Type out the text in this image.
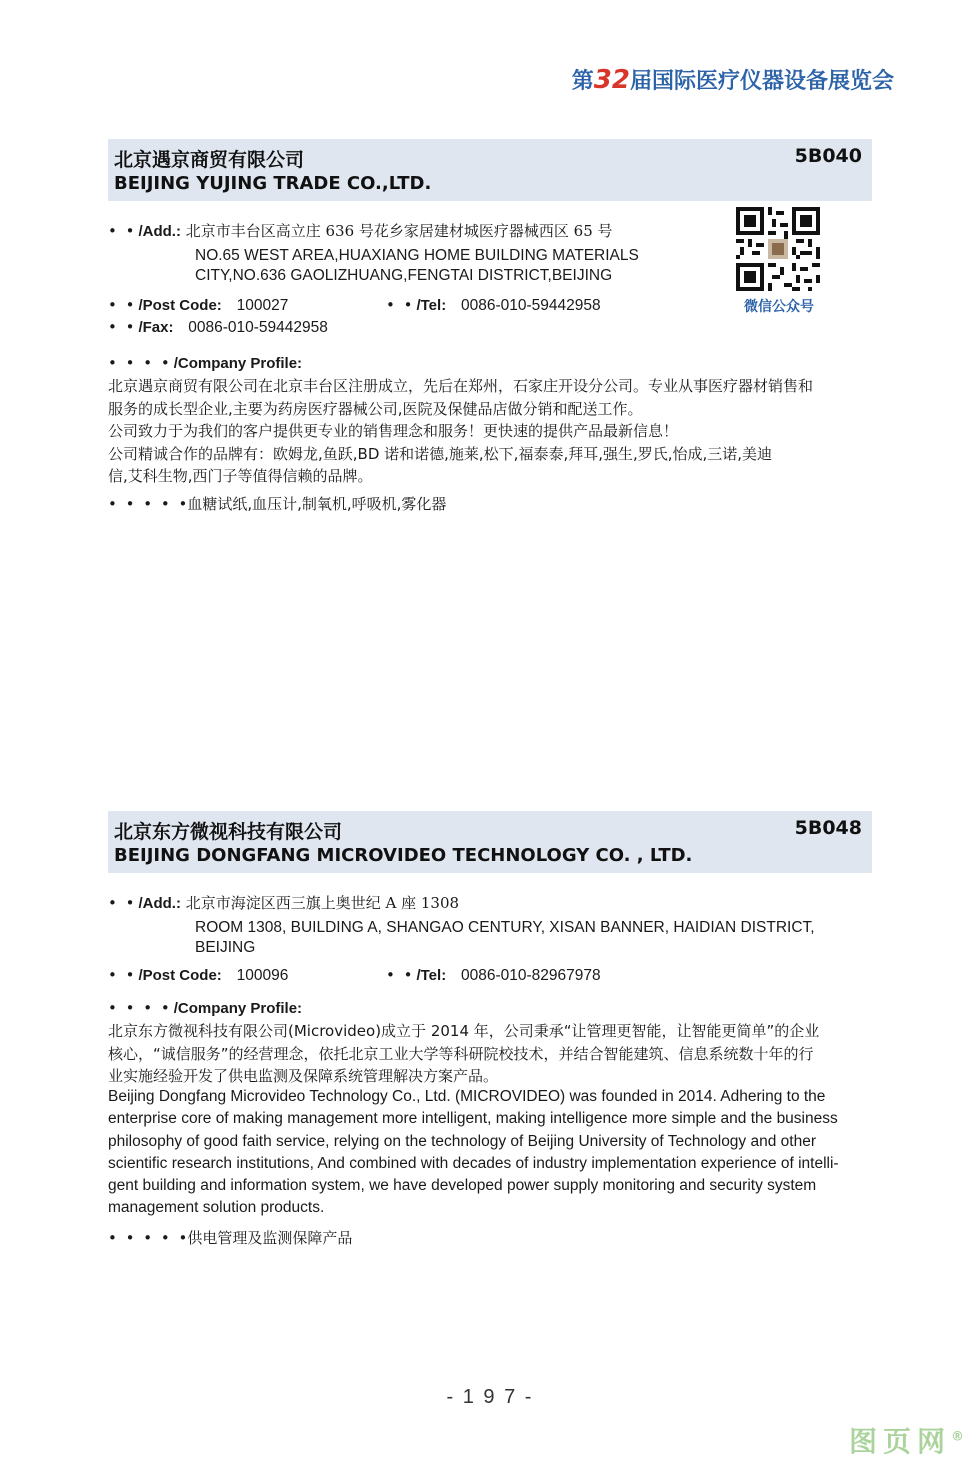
第32届国际医疗仪器设备展览会
北京遇京商贸有限公司
BEIJING YUJING TRADE CO.,LTD.
5B040
• • /Add.: 北京市丰台区高立庄 636 号花乡家居建材城医疗器械西区 65 号
NO.65 WEST AREA,HUAXIANG HOME BUILDING MATERIALS
CITY,NO.636 GAOLIZHUANG,FENGTAI DISTRICT,BEIJING
• • /Post Code: 100027	• • /Tel: 0086-010-59442958
• • /Fax: 0086-010-59442958
微信公众号
• • • • /Company Profile:
北京遇京商贸有限公司在北京丰台区注册成立，先后在郑州，石家庄开设分公司。专业从事医疗器材销售和
服务的成长型企业,主要为药房医疗器械公司,医院及保健品店做分销和配送工作。
公司致力于为我们的客户提供更专业的销售理念和服务！更快速的提供产品最新信息！
公司精诚合作的品牌有：欧姆龙,鱼跃,BD 诺和诺德,施莱,松下,福泰泰,拜耳,强生,罗氏,怡成,三诺,美迪
信,艾科生物,西门子等值得信赖的品牌。
• • • • •血糖试纸,血压计,制氧机,呼吸机,雾化器
北京东方微视科技有限公司
BEIJING DONGFANG MICROVIDEO TECHNOLOGY CO. , LTD.
5B048
• • /Add.: 北京市海淀区西三旗上奥世纪 A 座 1308
ROOM 1308, BUILDING A, SHANGAO CENTURY, XISAN BANNER, HAIDIAN DISTRICT,
BEIJING
• • /Post Code: 100096	• • /Tel: 0086-010-82967978
• • • • /Company Profile:
北京东方微视科技有限公司(Microvideo)成立于 2014 年，公司秉承“让管理更智能，让智能更简单”的企业
核心，“诚信服务”的经营理念，依托北京工业大学等科研院校技术，并结合智能建筑、信息系统数十年的行
业实施经验开发了供电监测及保障系统管理解决方案产品。
Beijing Dongfang Microvideo Technology Co., Ltd. (MICROVIDEO) was founded in 2014. Adhering to the
enterprise core of making management more intelligent, making intelligence more simple and the business
philosophy of good faith service, relying on the technology of Beijing University of Technology and other
scientific research institutions, And combined with decades of industry implementation experience of intelli-
gent building and information system, we have developed power supply monitoring and security system
management solution products.
• • • • •供电管理及监测保障产品
- 1 9 7 -
图页网®
